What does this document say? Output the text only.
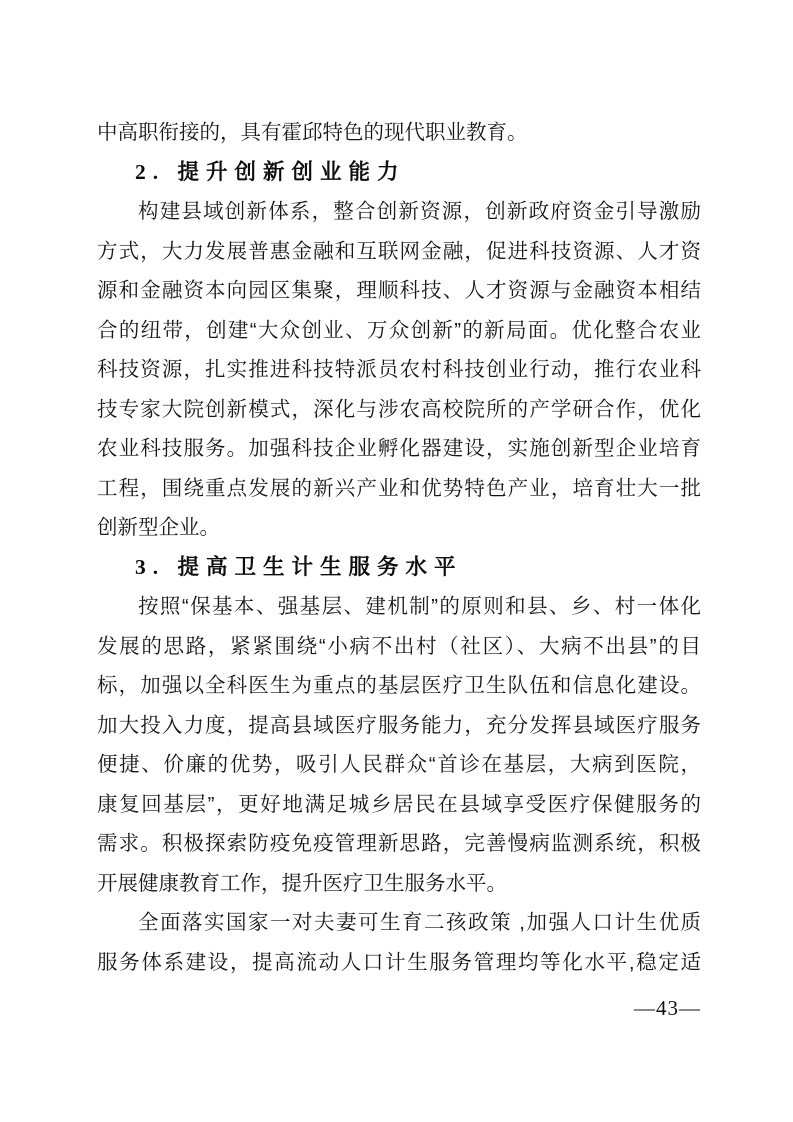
中高职衔接的，具有霍邱特色的现代职业教育。
2. 提升创新创业能力
构建县域创新体系，整合创新资源，创新政府资金引导激励
方式，大力发展普惠金融和互联网金融，促进科技资源、人才资
源和金融资本向园区集聚，理顺科技、人才资源与金融资本相结
合的纽带，创建“大众创业、万众创新”的新局面。优化整合农业
科技资源，扎实推进科技特派员农村科技创业行动，推行农业科
技专家大院创新模式，深化与涉农高校院所的产学研合作，优化
农业科技服务。加强科技企业孵化器建设，实施创新型企业培育
工程，围绕重点发展的新兴产业和优势特色产业，培育壮大一批
创新型企业。
3. 提高卫生计生服务水平
按照“保基本、强基层、建机制”的原则和县、乡、村一体化
发展的思路，紧紧围绕“小病不出村（社区）、大病不出县”的目
标，加强以全科医生为重点的基层医疗卫生队伍和信息化建设。
加大投入力度，提高县域医疗服务能力，充分发挥县域医疗服务
便捷、价廉的优势，吸引人民群众“首诊在基层，大病到医院，
康复回基层”，更好地满足城乡居民在县域享受医疗保健服务的
需求。积极探索防疫免疫管理新思路，完善慢病监测系统，积极
开展健康教育工作，提升医疗卫生服务水平。
全面落实国家一对夫妻可生育二孩政策 ,加强人口计生优质
服务体系建设，提高流动人口计生服务管理均等化水平,稳定适
—43—
